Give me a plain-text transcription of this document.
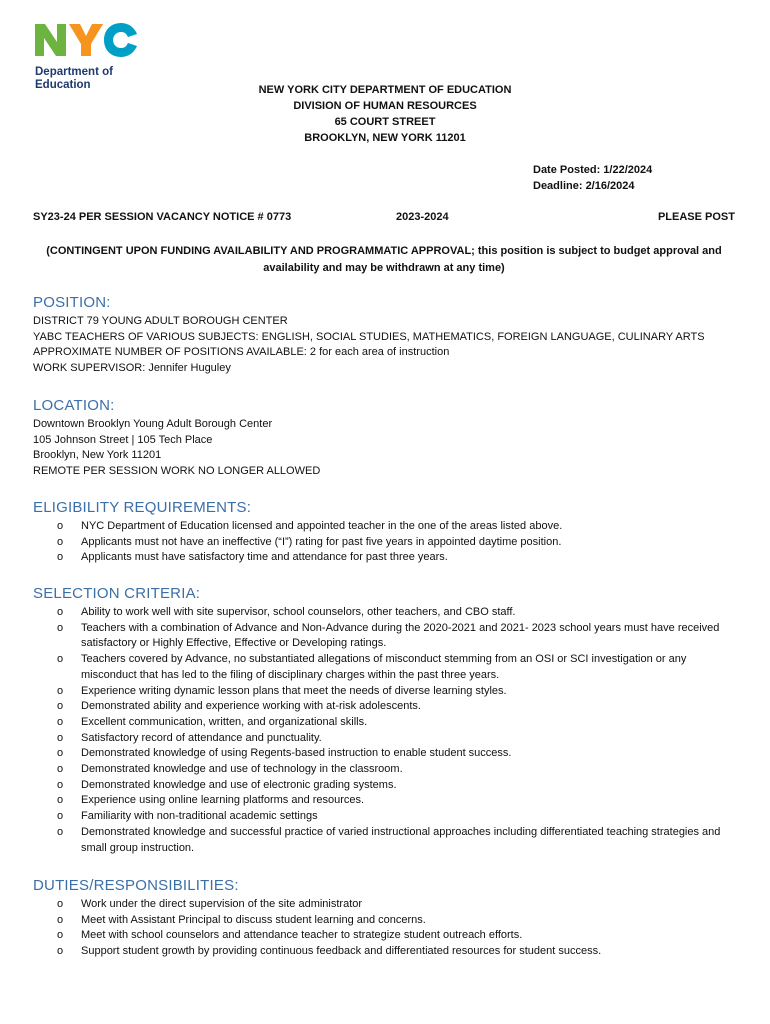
Department of
Education	NEW YORK CITY DEPARTMENT OF EDUCATION
DIVISION OF HUMAN RESOURCES
65 COURT STREET
BROOKLYN, NEW YORK 11201
Date Posted: 1/22/2024
Deadline: 2/16/2024
SY23-24 PER SESSION VACANCY NOTICE # 0773	2023-2024	PLEASE POST
(CONTINGENT UPON FUNDING AVAILABILITY AND PROGRAMMATIC APPROVAL; this position is subject to budget approval and
availability and may be withdrawn at any time)
POSITION:
DISTRICT 79 YOUNG ADULT BOROUGH CENTER
YABC TEACHERS OF VARIOUS SUBJECTS: ENGLISH, SOCIAL STUDIES, MATHEMATICS, FOREIGN LANGUAGE, CULINARY ARTS
APPROXIMATE NUMBER OF POSITIONS AVAILABLE: 2 for each area of instruction
WORK SUPERVISOR: Jennifer Huguley
LOCATION:
Downtown Brooklyn Young Adult Borough Center
105 Johnson Street | 105 Tech Place
Brooklyn, New York 11201
REMOTE PER SESSION WORK NO LONGER ALLOWED
ELIGIBILITY REQUIREMENTS:
o NYC Department of Education licensed and appointed teacher in the one of the areas listed above.
o Applicants must not have an ineffective (“I”) rating for past five years in appointed daytime position.
o Applicants must have satisfactory time and attendance for past three years.
SELECTION CRITERIA:
o Ability to work well with site supervisor, school counselors, other teachers, and CBO staff.
o Teachers with a combination of Advance and Non-Advance during the 2020-2021 and 2021- 2023 school years must have received satisfactory or Highly Effective, Effective or Developing ratings.
o Teachers covered by Advance, no substantiated allegations of misconduct stemming from an OSI or SCI investigation or any misconduct that has led to the filing of disciplinary charges within the past three years.
o Experience writing dynamic lesson plans that meet the needs of diverse learning styles.
o Demonstrated ability and experience working with at-risk adolescents.
o Excellent communication, written, and organizational skills.
o Satisfactory record of attendance and punctuality.
o Demonstrated knowledge of using Regents-based instruction to enable student success.
o Demonstrated knowledge and use of technology in the classroom.
o Demonstrated knowledge and use of electronic grading systems.
o Experience using online learning platforms and resources.
o Familiarity with non-traditional academic settings
o Demonstrated knowledge and successful practice of varied instructional approaches including differentiated teaching strategies and small group instruction.
DUTIES/RESPONSIBILITIES:
o Work under the direct supervision of the site administrator
o Meet with Assistant Principal to discuss student learning and concerns.
o Meet with school counselors and attendance teacher to strategize student outreach efforts.
o Support student growth by providing continuous feedback and differentiated resources for student success.
